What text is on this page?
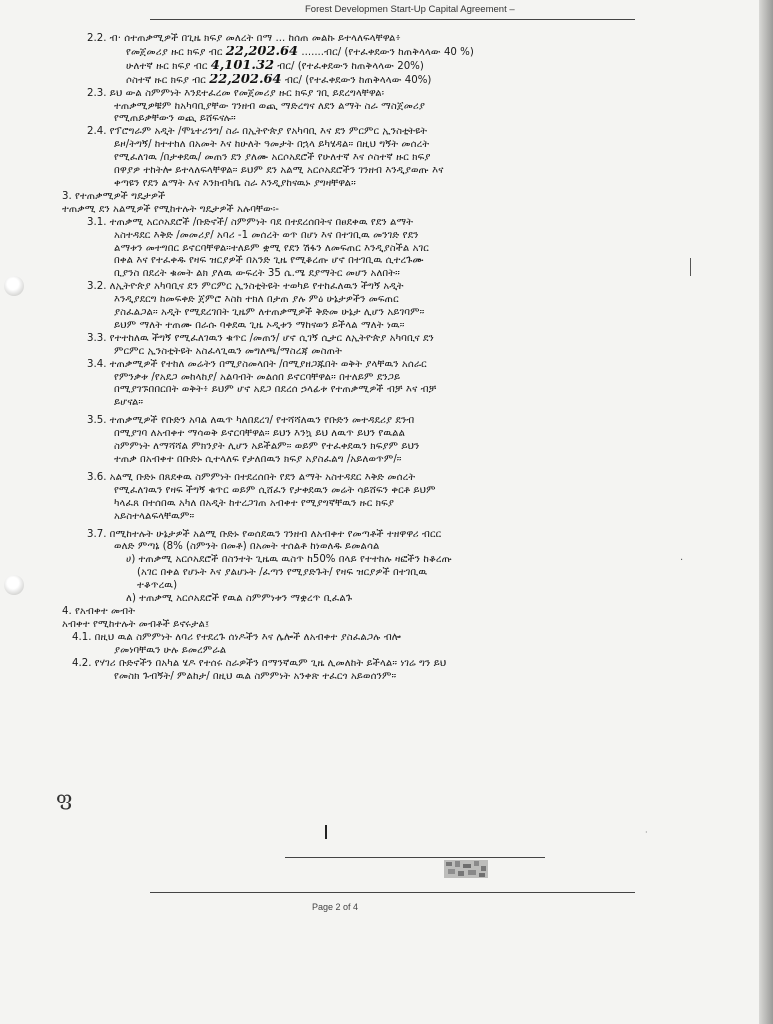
Forest Developmen Start-Up Capital Agreement –
2.2. ብ· ሰተጠቃሚዎች በጊዜ ክፍያ መለረት በማ ... ከሰጠ መልኩ ይተላለፍላቸዋል፥
የመጀመሪያ ዙር ክፍያ ብር 22,202.64 .......ብር/ (የተፈቀደውን ከጠቅላላው 40 %)
ሁለተኛ ዙር ክፍያ ብር 4,101.32 ብር/ (የተፈቀደውን ከጠቅላላው 20%)
ሶስተኛ ዙር ክፍያ ብር 22,202.64 ብር/ (የተፈቀደውን ከጠቅላላው 40%)
2.3. ይህ ውል ስምምነት እንደተፈረመ የመጀመሪያ ዙር ክፍያ ገቢ ይደረግላቸዋል፡
ተጠቃሚዎቹም ከአካባቢያቸው ገንዘብ ወጪ ማድረግና ለደን ልማት ስራ ማስጀመሪያ
የሚጠይቃቸውን ወጪ ይሸፍናሉ።
2.4. የፕሮግራም አዲት /ሞኒተሪንግ/ ስራ በኢትዮጵያ የአካባቢ እና ደን ምርምር ኢንስቲትዩት
ይዞ/ትግኝ/ ከተተከለ በአመት እና ከሁለት ዓመታት በኋላ ይካሄዳል። በዚህ ግኝት መሰረት
የሚፈለገዉ /በታቀደዉ/ መጠን ደን ያለሙ አርሶአደሮች የሁለተኛ እና ሶስተኛ ዙር ክፍያ
በዋያዎ ተከትሎ ይተላለፍላቸዋል። ይህም ደን አልሚ አርሶአደሮችን ገንዘብ እንዲያወጡ እና
ቀጣዩን የደን ልማት እና እንክብካቤ ስራ እንዲያከናዉኑ ያግዛቸዋል።
3. የተጠቃሚዎች ግዴታዎች
ተጠቃሚ ደን አልሚዎች የሚከተሉት ግዴታዎች አሉባቸው፡-
3.1. ተጠቃሚ አርሶአደሮች /ቡድኖች/ ስምምነት ባደ በተደረሰበትና በፀደቀዉ የደን ልማት
አስተዳደር እቅድ /መመሪያ/ አባሪ -1 መሰረት ወጥ በሆነ እና በተገቢዉ መንገድ የደን
ልማቱን መተግበር ይኖርባቸዋል።ተለይም ቋሚ የደን ሽፋን ለመፍጠር እንዲያስችል አገር
በቀል እና የተፈቀዱ የዛፍ ዝርያዎች በአንድ ጊዜ የሚቆረጡ ሆኖ በተገቢዉ ሲተረጉሙ
ቢያንስ በደረት ቁመት ልክ ያለዉ ውፍረት 35 ሴ.ሜ ደያማትር መሆን አለበት።
3.2. ለኢትዮጵያ አካባቢና ደን ምርምር ኢንስቲትዩት ተወካይ የተከፈለዉን ችግኝ አዲት
እንዲያደርግ ከመፍቀድ ጀምሮ እስከ ተክለ በታጠ ያሉ ምዕ ሁኔታዎችን መፍጠር
ያስፈልጋል። አዲት የሚደረገበት ጊዜም ለተጠቃሚዎች ቅድመ ሁኔታ ሊሆን አይገባም።
ይህም ማለት ተጠሙ በራሱ ባቀደዉ ጊዜ ኦዲቱን ማከናወን ይችላል ማለት ነዉ።
3.3. የተተከለዉ ችግኝ የሚፈለገዉን ቁጥር /መጠን/ ሆኖ ሲገኝ ሲታር ለኢትዮጵያ አካባቢና ደን
ምርምር ኢንስቲትዩት አስፈላጊዉን መግለጫ/ማስረጃ መስጠት
3.4. ተጠቃሚዎች የተከለ መሬትን በሚያስመላበት /በሚያዘጋጁበት ወቅት ያላቸዉን አሰራር
የምንቃቱ /የአደጋ መከላከያ/ አልባብት መልሰበ ይኖርባቸዋል። በተለይም ደንጋይ
በሚያገኙበበርበት ወቅት፥ ይህም ሆኖ አደጋ በደረሰ ኃላፊቱ የተጠቃሚዎች ብቻ እና ብቻ
ይሆናል።
3.5. ተጠቃሚዎች የቡድን አባል ለዉጥ ካለበደረገ/ የተሻሻለዉን የቡድን መተዳደሪያ ደንብ
በሚያገባ ለአብቀተ ማሳወቅ ይኖርባቸዋል። ይህን እንኳ ይህ ለዉጥ ይህን የዉልል
ስምምነት ለማሻሻል ምክንያት ሊሆን አይችልም። ወይም የተፈቀደዉን ክፍያም ይህን
ተጠቃ በአብቀተ በቡድኑ ሲተላለፍ የታለበዉን ክፍያ አያስፈልግ /አይለወጥም/።
3.6. አልሚ ቡድኑ በጸደቀዉ ስምምነት በተደረሰበት የደን ልማት አስተዳደር እቅድ መሰረት
የሚፈለገዉን የዛፍ ችግኝ ቁጥር ወይም ሲሸፈን የታቀደዉን መሬት ሳይሸፍን ቀርቶ ይህም
ካላፈጸ በተሰበዉ አካለ በአዲት ከተረጋገጠ አብቀተ የሚያግኛቸዉን ዙር ክፍያ
አይስተላልፍላቸዉም።
3.7. በሚከተሉት ሁኔታዎች አልሚ ቡድኑ የወሰደዉን ገንዘብ ለአብቀተ የመጣቶች ተዘዋዋሪ ብርር
ወለድ ምጣኔ (8% (ስምንት በመቶ) በአመት ተሰልቶ ከነወለዱ ይመልሳል
ሀ) ተጠቃሚ አርሶአደሮች በስንተት ጊዜዉ ዉስጥ ከ50% በላይ የተተከሉ ዛፎችን ከቆረጡ
(አገር በቀል የሆኑት እና ያልሆኑት /ፈጣን የሚያድጉት/ የዛፍ ዝርያዎች በተገቢዉ
ተቆጥረዉ)
ለ) ተጠቃሚ አርሶአደሮች የዉል ስምምነቱን ማቋረጥ ቢፈልጉ
4. የአብቀተ መብት
አብቀተ የሚከተሉት መብቶች ይኖሩታል፤
4.1. በዚህ ዉል ስምምነት ለባሪ የተደረጉ ሰነዶችን እና ሌሎች ለአብቀተ ያስፈልጋሉ ብሎ
ያመነባቸዉን ሁሉ ይመረምራል
4.2. የሃገሪ ቡድኖችን በአካል ሄዶ የተሰሩ ስራዎችን በማንኛዉም ጊዜ ሊመለከት ይችላል። ነገሬ ግን ይህ
የመስክ ጉብኝት/ ምልከታ/ በዚህ ዉል ስምምነት አንቀጽ ተፈርጎ አይወሰንም።
·
ფ
·
Page 2 of 4
